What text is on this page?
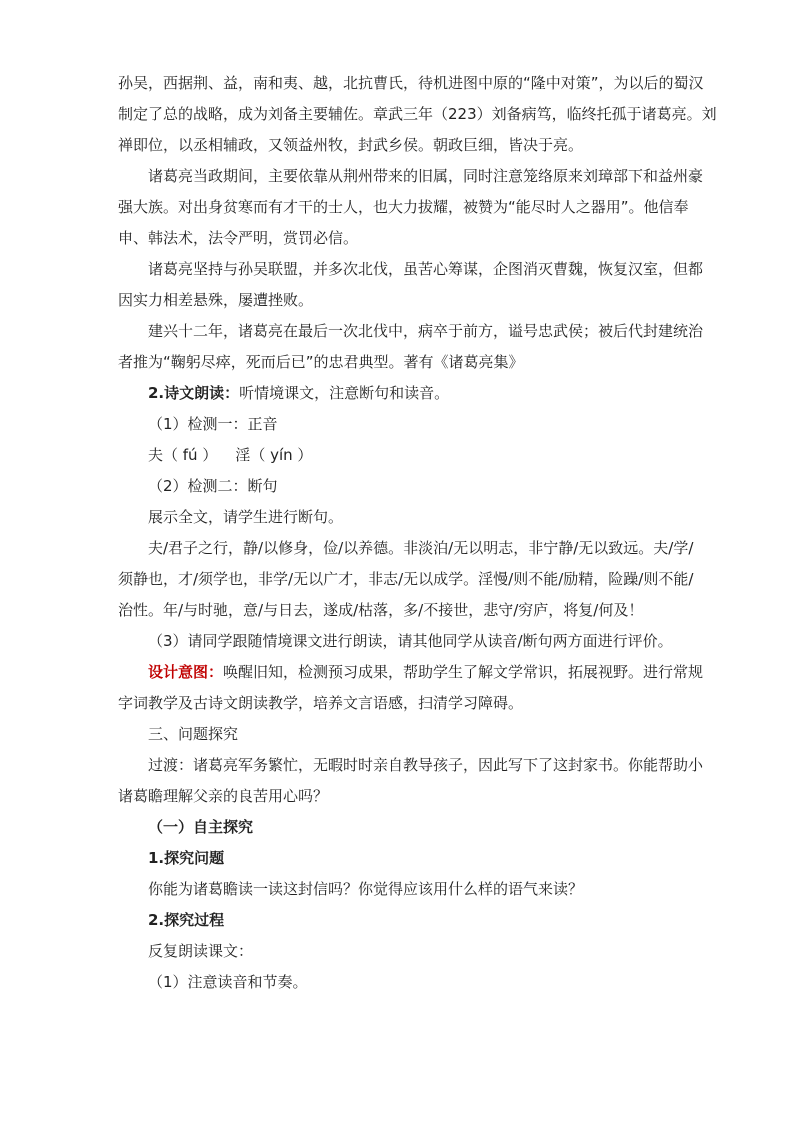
孙吴，西据荆、益，南和夷、越，北抗曹氏，待机进图中原的“隆中对策”，为以后的蜀汉

制定了总的战略，成为刘备主要辅佐。章武三年（223）刘备病笃，临终托孤于诸葛亮。刘

禅即位，以丞相辅政，又领益州牧，封武乡侯。朝政巨细，皆决于亮。

诸葛亮当政期间，主要依靠从荆州带来的旧属，同时注意笼络原来刘璋部下和益州豪

强大族。对出身贫寒而有才干的士人，也大力拔耀，被赞为“能尽时人之器用”。他信奉

申、韩法术，法令严明，赏罚必信。

诸葛亮坚持与孙吴联盟，并多次北伐，虽苦心筹谋，企图消灭曹魏，恢复汉室，但都

因实力相差悬殊，屡遭挫败。

建兴十二年，诸葛亮在最后一次北伐中，病卒于前方，谥号忠武侯；被后代封建统治

者推为“鞠躬尽瘁，死而后已”的忠君典型。著有《诸葛亮集》

2.诗文朗读：听情境课文，注意断句和读音。

（1）检测一：正音

夫（ fú ） 淫（ yín ）

（2）检测二：断句

展示全文，请学生进行断句。

夫/君子之行，静/以修身，俭/以养德。非淡泊/无以明志，非宁静/无以致远。夫/学/

须静也，才/须学也，非学/无以广才，非志/无以成学。淫慢/则不能/励精，险躁/则不能/

治性。年/与时驰，意/与日去，遂成/枯落，多/不接世，悲守/穷庐，将复/何及！

（3）请同学跟随情境课文进行朗读，请其他同学从读音/断句两方面进行评价。

设计意图：唤醒旧知，检测预习成果，帮助学生了解文学常识，拓展视野。进行常规

字词教学及古诗文朗读教学，培养文言语感，扫清学习障碍。

三、问题探究

过渡：诸葛亮军务繁忙，无暇时时亲自教导孩子，因此写下了这封家书。你能帮助小

诸葛瞻理解父亲的良苦用心吗？

（一）自主探究

1.探究问题

你能为诸葛瞻读一读这封信吗？你觉得应该用什么样的语气来读？

2.探究过程

反复朗读课文：

（1）注意读音和节奏。
